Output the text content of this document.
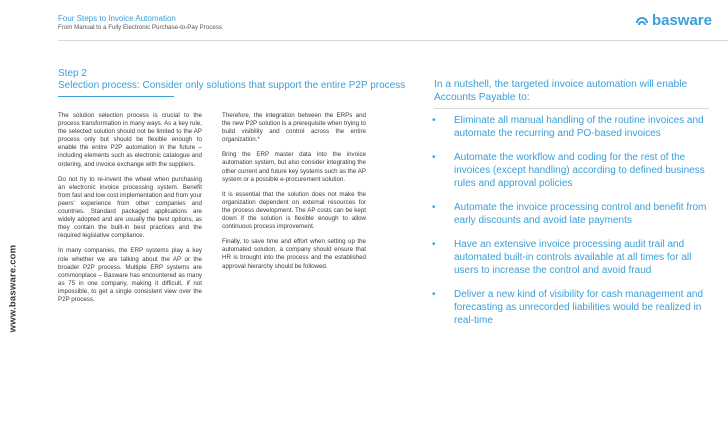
www.basware.com
Four Steps to Invoice Automation
From Manual to a Fully Electronic Purchase-to-Pay Process	basware
Step 2
Selection process: Consider only solutions that support the entire P2P process

The solution selection process is crucial to the process transformation in many ways. As a key rule, the selected solution should not be limited to the AP process only but should be flexible enough to enable the entire P2P automation in the future – including elements such as electronic catalogue and ordering, and invoice exchange with the suppliers.

Do not try to re-invent the wheel when purchasing an electronic invoice processing system. Benefit from fast and low cost implementation and from your peers' experience from other companies and countries. Standard packaged applications are widely adopted and are usually the best options, as they contain the built-in best practices and the required legislative compliance.

In many companies, the ERP systems play a key role whether we are talking about the AP or the broader P2P process. Multiple ERP systems are commonplace – Basware has encountered as many as 75 in one company, making it difficult, if not impossible, to get a single consistent view over the P2P process.

Therefore, the integration between the ERPs and the new P2P solution is a prerequisite when trying to build visibility and control across the entire organization.*

Bring the ERP master data into the invoice automation system, but also consider integrating the other current and future key systems such as the AP system or a possible e-procurement solution.

It is essential that the solution does not make the organization dependent on external resources for the process development. The AP costs can be kept down if the solution is flexible enough to allow continuous process improvement.

Finally, to save time and effort when setting up the automated solution, a company should ensure that HR is brought into the process and the established approval hierarchy should be followed.

In a nutshell, the targeted invoice automation will enable Accounts Payable to:
•	Eliminate all manual handling of the routine invoices and automate the recurring and PO-based invoices
•	Automate the workflow and coding for the rest of the invoices (except handling) according to defined business rules and approval policies
•	Automate the invoice processing control and benefit from early discounts and avoid late payments
•	Have an extensive invoice processing audit trail and automated built-in controls available at all times for all users to increase the control and avoid fraud
•	Deliver a new kind of visibility for cash management and forecasting as unrecorded liabilities would be realized in real-time
